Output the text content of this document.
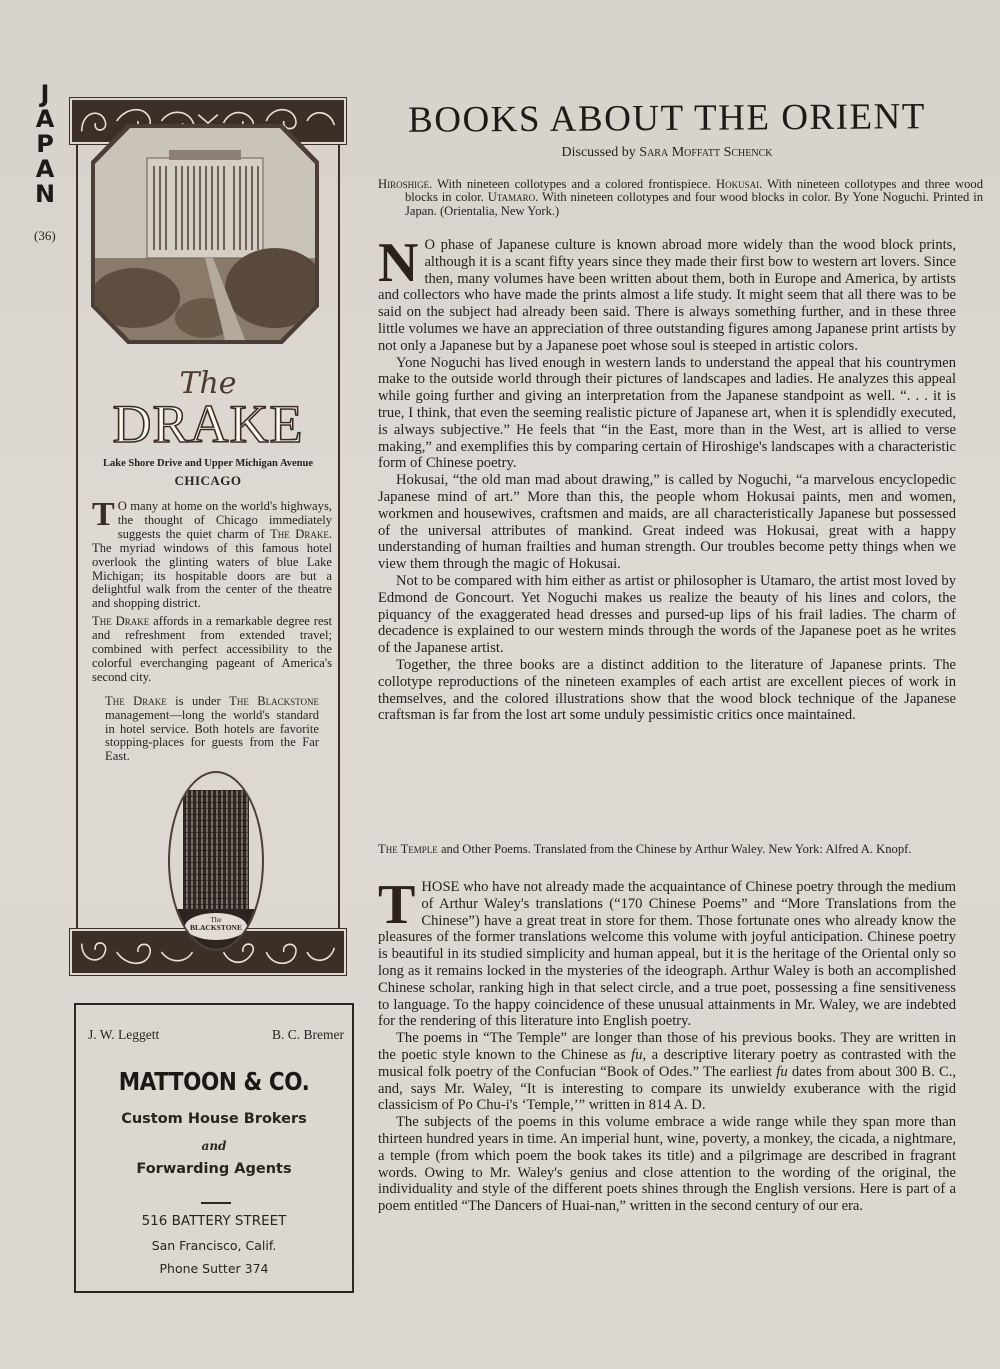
J
A
P
A
N
(36)
The
DRAKE
Lake Shore Drive and Upper Michigan Avenue
CHICAGO

T O many at home on the world's highways, the thought of Chicago immediately suggests the quiet charm of The Drake. The myriad windows of this famous hotel overlook the glinting waters of blue Lake Michigan; its hospitable doors are but a delightful walk from the center of the theatre and shopping district.

The Drake affords in a remarkable degree rest and refreshment from extended travel; combined with perfect accessibility to the colorful everchanging pageant of America's second city.

The Drake is under The Blackstone management—long the world's standard in hotel service. Both hotels are favorite stopping-places for guests from the Far East.
The
BLACKSTONE
J. W. Leggett	B. C. Bremer
MATTOON & CO.
Custom House Brokers
and
Forwarding Agents
516 BATTERY STREET
San Francisco, Calif.
Phone Sutter 374
BOOKS ABOUT THE ORIENT
Discussed by Sara Moffatt Schenck
Hiroshige. With nineteen collotypes and a colored frontispiece. Hokusai. With nineteen collotypes and three wood blocks in color. Utamaro. With nineteen collotypes and four wood blocks in color. By Yone Noguchi. Printed in Japan. (Orientalia, New York.)

N O phase of Japanese culture is known abroad more widely than the wood block prints, although it is a scant fifty years since they made their first bow to western art lovers. Since then, many volumes have been written about them, both in Europe and America, by artists and collectors who have made the prints almost a life study. It might seem that all there was to be said on the subject had already been said. There is always something further, and in these three little volumes we have an appreciation of three outstanding figures among Japanese print artists by not only a Japanese but by a Japanese poet whose soul is steeped in artistic colors.

Yone Noguchi has lived enough in western lands to understand the appeal that his countrymen make to the outside world through their pictures of landscapes and ladies. He analyzes this appeal while going further and giving an interpretation from the Japanese standpoint as well. “. . . it is true, I think, that even the seeming realistic picture of Japanese art, when it is splendidly executed, is always subjective.” He feels that “in the East, more than in the West, art is allied to verse making,” and exemplifies this by comparing certain of Hiroshige's landscapes with a characteristic form of Chinese poetry.

Hokusai, “the old man mad about drawing,” is called by Noguchi, “a marvelous encyclopedic Japanese mind of art.” More than this, the people whom Hokusai paints, men and women, workmen and housewives, craftsmen and maids, are all characteristically Japanese but possessed of the universal attributes of mankind. Great indeed was Hokusai, great with a happy understanding of human frailties and human strength. Our troubles become petty things when we view them through the magic of Hokusai.

Not to be compared with him either as artist or philosopher is Utamaro, the artist most loved by Edmond de Goncourt. Yet Noguchi makes us realize the beauty of his lines and colors, the piquancy of the exaggerated head dresses and pursed-up lips of his frail ladies. The charm of decadence is explained to our western minds through the words of the Japanese poet as he writes of the Japanese artist.

Together, the three books are a distinct addition to the literature of Japanese prints. The collotype reproductions of the nineteen examples of each artist are excellent pieces of work in themselves, and the colored illustrations show that the wood block technique of the Japanese craftsman is far from the lost art some unduly pessimistic critics once maintained.

The Temple and Other Poems. Translated from the Chinese by Arthur Waley. New York: Alfred A. Knopf.

THOSE who have not already made the acquaintance of Chinese poetry through the medium of Arthur Waley's translations (“170 Chinese Poems” and “More Translations from the Chinese”) have a great treat in store for them. Those fortunate ones who already know the pleasures of the former translations welcome this volume with joyful anticipation. Chinese poetry is beautiful in its studied simplicity and human appeal, but it is the heritage of the Oriental only so long as it remains locked in the mysteries of the ideograph. Arthur Waley is both an accomplished Chinese scholar, ranking high in that select circle, and a true poet, possessing a fine sensitiveness to language. To the happy coincidence of these unusual attainments in Mr. Waley, we are indebted for the rendering of this literature into English poetry.

The poems in “The Temple” are longer than those of his previous books. They are written in the poetic style known to the Chinese as fu, a descriptive literary poetry as contrasted with the musical folk poetry of the Confucian “Book of Odes.” The earliest fu dates from about 300 B. C., and, says Mr. Waley, “It is interesting to compare its unwieldy exuberance with the rigid classicism of Po Chu-i's ‘Temple,’” written in 814 A. D.

The subjects of the poems in this volume embrace a wide range while they span more than thirteen hundred years in time. An imperial hunt, wine, poverty, a monkey, the cicada, a nightmare, a temple (from which poem the book takes its title) and a pilgrimage are described in fragrant words. Owing to Mr. Waley's genius and close attention to the wording of the original, the individuality and style of the different poets shines through the English versions. Here is part of a poem entitled “The Dancers of Huai-nan,” written in the second century of our era.
